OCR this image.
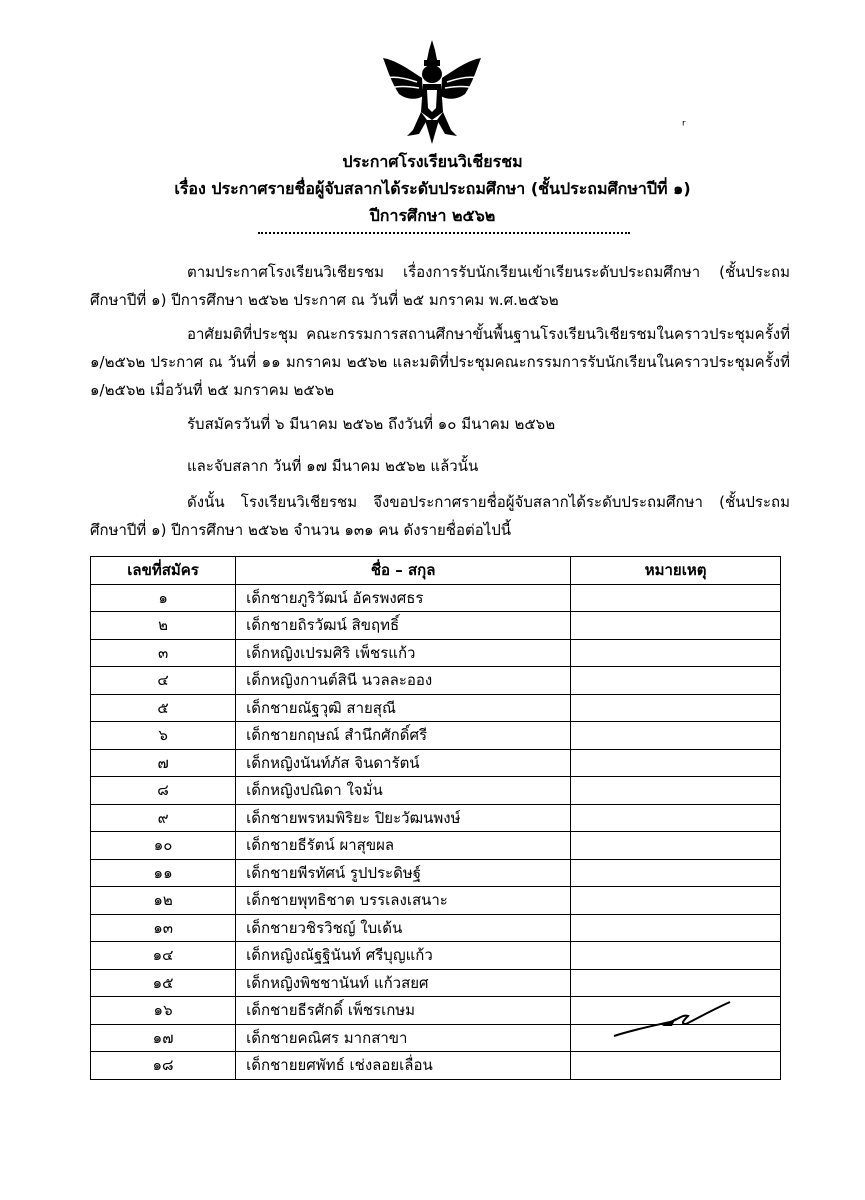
ʳ
ประกาศโรงเรียนวิเชียรชม
เรื่อง ประกาศรายชื่อผู้จับสลากได้ระดับประถมศึกษา (ชั้นประถมศึกษาปีที่ ๑)
ปีการศึกษา ๒๕๖๒
ตามประกาศโรงเรียนวิเชียรชม เรื่องการรับนักเรียนเข้าเรียนระดับประถมศึกษา (ชั้นประถมศึกษาปีที่ ๑) ปีการศึกษา ๒๕๖๒ ประกาศ ณ วันที่ ๒๕ มกราคม พ.ศ.๒๕๖๒
อาศัยมติที่ประชุม คณะกรรมการสถานศึกษาขั้นพื้นฐานโรงเรียนวิเชียรชมในคราวประชุมครั้งที่ ๑/๒๕๖๒ ประกาศ ณ วันที่ ๑๑ มกราคม ๒๕๖๒ และมติที่ประชุมคณะกรรมการรับนักเรียนในคราวประชุมครั้งที่ ๑/๒๕๖๒ เมื่อวันที่ ๒๕ มกราคม ๒๕๖๒
รับสมัครวันที่ ๖ มีนาคม ๒๕๖๒ ถึงวันที่ ๑๐ มีนาคม ๒๕๖๒
และจับสลาก วันที่ ๑๗ มีนาคม ๒๕๖๒ แล้วนั้น
ดังนั้น โรงเรียนวิเชียรชม จึงขอประกาศรายชื่อผู้จับสลากได้ระดับประถมศึกษา (ชั้นประถมศึกษาปีที่ ๑) ปีการศึกษา ๒๕๖๒ จำนวน ๑๓๑ คน ดังรายชื่อต่อไปนี้
เลขที่สมัคร	ชื่อ – สกุล	หมายเหตุ
๑	เด็กชายภูริวัฒน์ อัครพงศธร	
๒	เด็กชายถิรวัฒน์ สิขฤทธิ์	
๓	เด็กหญิงเปรมศิริ เพ็ชรแก้ว	
๔	เด็กหญิงกานต์สินี นวลละออง	
๕	เด็กชายณัฐวุฒิ สายสุณี	
๖	เด็กชายกฤษณ์ สำนึกศักดิ์ศรี	
๗	เด็กหญิงนันท์ภัส จินดารัตน์	
๘	เด็กหญิงปณิดา ใจมั่น	
๙	เด็กชายพรหมพิริยะ ปิยะวัฒนพงษ์	
๑๐	เด็กชายธีรัตน์ ผาสุขผล	
๑๑	เด็กชายพีรทัศน์ รูปประดิษฐ์	
๑๒	เด็กชายพุทธิชาต บรรเลงเสนาะ	
๑๓	เด็กชายวชิรวิชญ์ ใบเด้น	
๑๔	เด็กหญิงณัฐฐินันท์ ศรีบุญแก้ว	
๑๕	เด็กหญิงพิชชานันท์ แก้วสยศ	
๑๖	เด็กชายธีรศักดิ์ เพ็ชรเกษม	
๑๗	เด็กชายคณิศร มากสาขา	
๑๘	เด็กชายยศพัทธ์ เช่งลอยเลื่อน	
